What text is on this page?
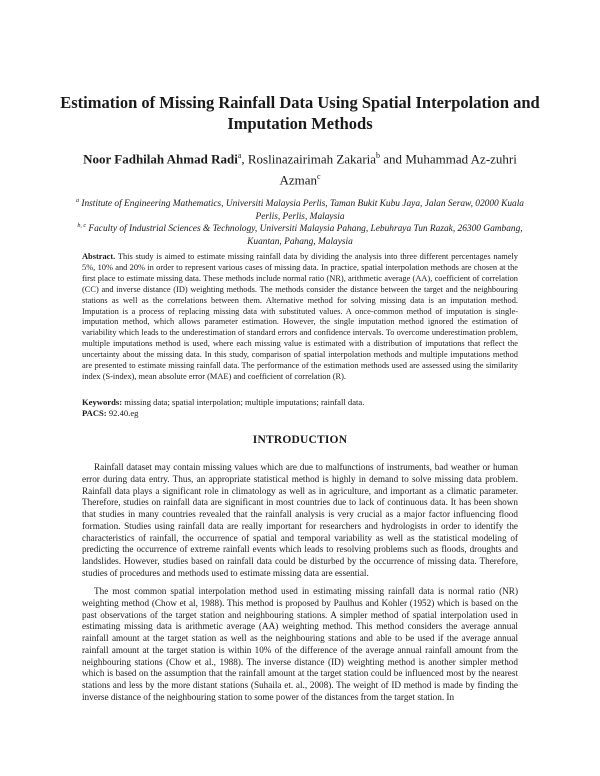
Estimation of Missing Rainfall Data Using Spatial Interpolation and Imputation Methods
Noor Fadhilah Ahmad Radi$^a$, Roslinazairimah Zakaria$^b$ and Muhammad Az-zuhri Azman$^c$
$^a$ Institute of Engineering Mathematics, Universiti Malaysia Perlis, Taman Bukit Kubu Jaya, Jalan Seraw, 02000 Kuala Perlis, Perlis, Malaysia
$^{b, c}$ Faculty of Industrial Sciences & Technology, Universiti Malaysia Pahang, Lebuhraya Tun Razak, 26300 Gambang, Kuantan, Pahang, Malaysia

Abstract. This study is aimed to estimate missing rainfall data by dividing the analysis into three different percentages namely 5%, 10% and 20% in order to represent various cases of missing data. In practice, spatial interpolation methods are chosen at the first place to estimate missing data. These methods include normal ratio (NR), arithmetic average (AA), coefficient of correlation (CC) and inverse distance (ID) weighting methods. The methods consider the distance between the target and the neighbouring stations as well as the correlations between them. Alternative method for solving missing data is an imputation method. Imputation is a process of replacing missing data with substituted values. A once-common method of imputation is single-imputation method, which allows parameter estimation. However, the single imputation method ignored the estimation of variability which leads to the underestimation of standard errors and confidence intervals. To overcome underestimation problem, multiple imputations method is used, where each missing value is estimated with a distribution of imputations that reflect the uncertainty about the missing data. In this study, comparison of spatial interpolation methods and multiple imputations method are presented to estimate missing rainfall data. The performance of the estimation methods used are assessed using the similarity index (S-index), mean absolute error (MAE) and coefficient of correlation (R).

Keywords: missing data; spatial interpolation; multiple imputations; rainfall data.

PACS: 92.40.eg

INTRODUCTION

Rainfall dataset may contain missing values which are due to malfunctions of instruments, bad weather or human error during data entry. Thus, an appropriate statistical method is highly in demand to solve missing data problem. Rainfall data plays a significant role in climatology as well as in agriculture, and important as a climatic parameter. Therefore, studies on rainfall data are significant in most countries due to lack of continuous data. It has been shown that studies in many countries revealed that the rainfall analysis is very crucial as a major factor influencing flood formation. Studies using rainfall data are really important for researchers and hydrologists in order to identify the characteristics of rainfall, the occurrence of spatial and temporal variability as well as the statistical modeling of predicting the occurrence of extreme rainfall events which leads to resolving problems such as floods, droughts and landslides. However, studies based on rainfall data could be disturbed by the occurrence of missing data. Therefore, studies of procedures and methods used to estimate missing data are essential.

The most common spatial interpolation method used in estimating missing rainfall data is normal ratio (NR) weighting method (Chow et al, 1988). This method is proposed by Paulhus and Kohler (1952) which is based on the past observations of the target station and neighbouring stations. A simpler method of spatial interpolation used in estimating missing data is arithmetic average (AA) weighting method. This method considers the average annual rainfall amount at the target station as well as the neighbouring stations and able to be used if the average annual rainfall amount at the target station is within 10% of the difference of the average annual rainfall amount from the neighbouring stations (Chow et al., 1988). The inverse distance (ID) weighting method is another simpler method which is based on the assumption that the rainfall amount at the target station could be influenced most by the nearest stations and less by the more distant stations (Suhaila et. al., 2008). The weight of ID method is made by finding the inverse distance of the neighbouring station to some power of the distances from the target station. In
